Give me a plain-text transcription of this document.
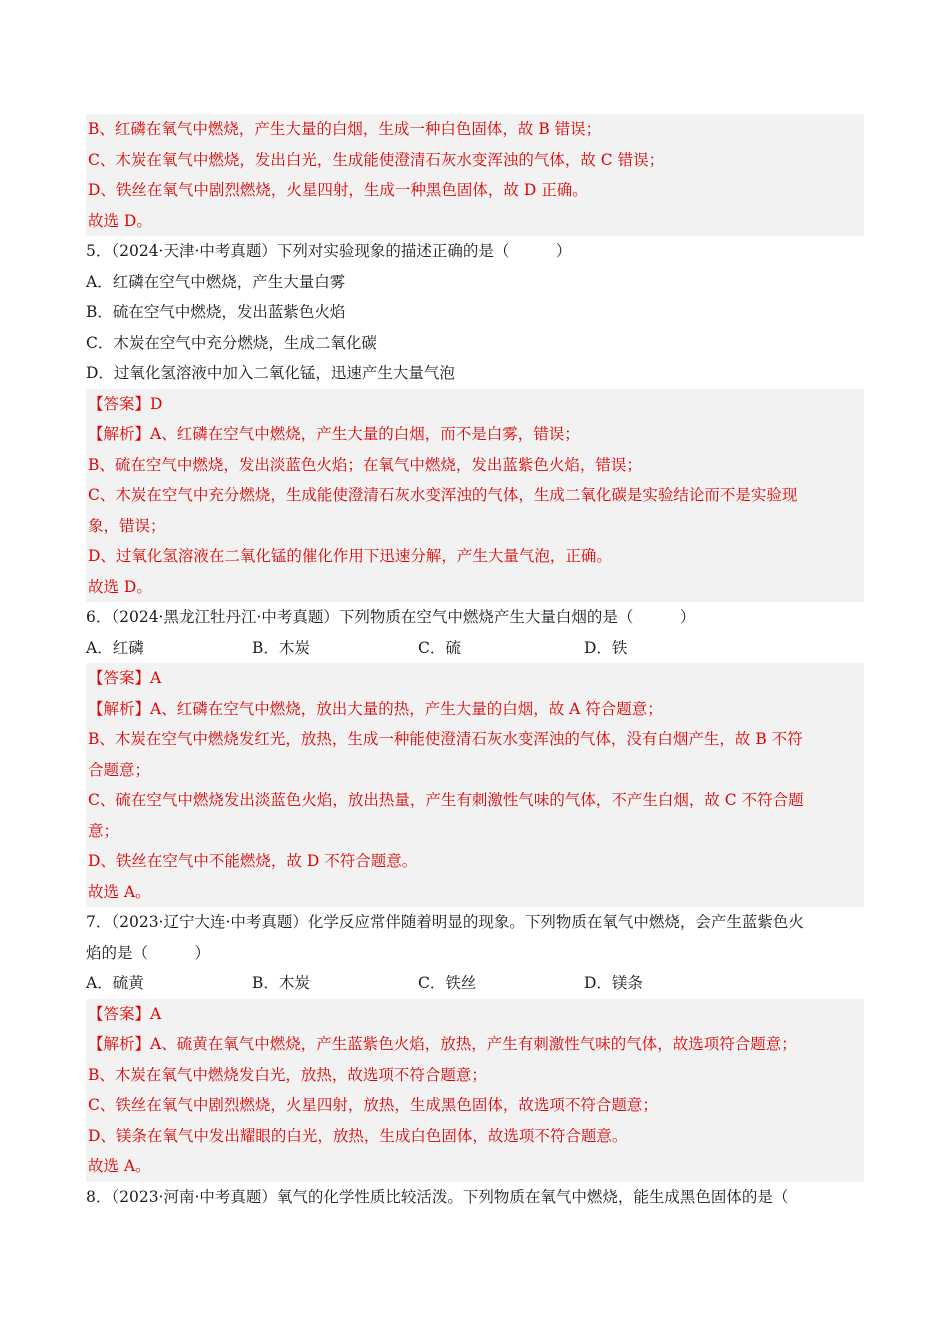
B、红磷在氧气中燃烧，产生大量的白烟，生成一种白色固体，故 B 错误；
C、木炭在氧气中燃烧，发出白光，生成能使澄清石灰水变浑浊的气体，故 C 错误；
D、铁丝在氧气中剧烈燃烧，火星四射，生成一种黑色固体，故 D 正确。
故选 D。
5．（2024·天津·中考真题）下列对实验现象的描述正确的是（　　　）
A．红磷在空气中燃烧，产生大量白雾
B．硫在空气中燃烧，发出蓝紫色火焰
C．木炭在空气中充分燃烧，生成二氧化碳
D．过氧化氢溶液中加入二氧化锰，迅速产生大量气泡
【答案】D
【解析】A、红磷在空气中燃烧，产生大量的白烟，而不是白雾，错误；
B、硫在空气中燃烧，发出淡蓝色火焰；在氧气中燃烧，发出蓝紫色火焰，错误；
C、木炭在空气中充分燃烧，生成能使澄清石灰水变浑浊的气体，生成二氧化碳是实验结论而不是实验现
象，错误；
D、过氧化氢溶液在二氧化锰的催化作用下迅速分解，产生大量气泡，正确。
故选 D。
6．（2024·黑龙江牡丹江·中考真题）下列物质在空气中燃烧产生大量白烟的是（　　　）
A．红磷	B．木炭	C．硫	D．铁
【答案】A
【解析】A、红磷在空气中燃烧，放出大量的热，产生大量的白烟，故 A 符合题意；
B、木炭在空气中燃烧发红光，放热，生成一种能使澄清石灰水变浑浊的气体，没有白烟产生，故 B 不符
合题意；
C、硫在空气中燃烧发出淡蓝色火焰，放出热量，产生有刺激性气味的气体，不产生白烟，故 C 不符合题
意；
D、铁丝在空气中不能燃烧，故 D 不符合题意。
故选 A。
7．（2023·辽宁大连·中考真题）化学反应常伴随着明显的现象。下列物质在氧气中燃烧，会产生蓝紫色火
焰的是（　　　）
A．硫黄	B．木炭	C．铁丝	D．镁条
【答案】A
【解析】A、硫黄在氧气中燃烧，产生蓝紫色火焰，放热，产生有刺激性气味的气体，故选项符合题意；
B、木炭在氧气中燃烧发白光，放热，故选项不符合题意；
C、铁丝在氧气中剧烈燃烧，火星四射，放热，生成黑色固体，故选项不符合题意；
D、镁条在氧气中发出耀眼的白光，放热，生成白色固体，故选项不符合题意。
故选 A。
8．（2023·河南·中考真题）氧气的化学性质比较活泼。下列物质在氧气中燃烧，能生成黑色固体的是（
